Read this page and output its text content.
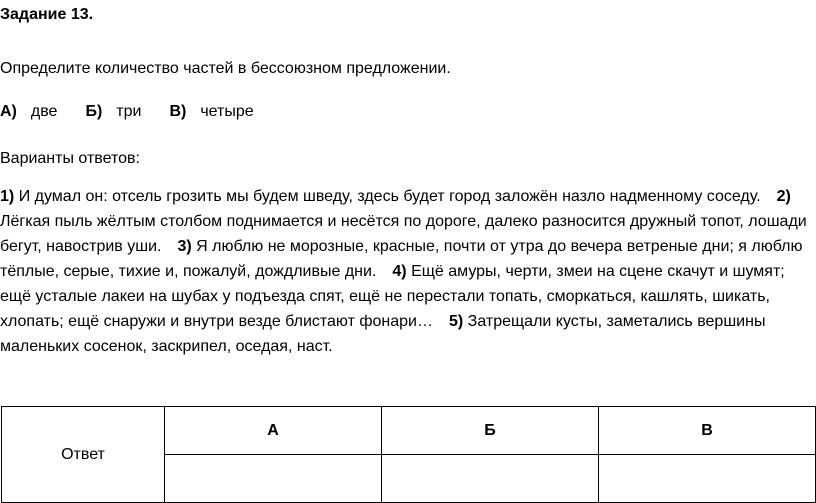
Задание 13.
Определите количество частей в бессоюзном предложении.
А) две Б) три В) четыре
Варианты ответов:
1) И думал он: отсель грозить мы будем шведу, здесь будет город заложён назло надменному соседу. 2) Лёгкая пыль жёлтым столбом поднимается и несётся по дороге, далеко разносится дружный топот, лошади бегут, навострив уши. 3) Я люблю не морозные, красные, почти от утра до вечера ветреные дни; я люблю тёплые, серые, тихие и, пожалуй, дождливые дни. 4) Ещё амуры, черти, змеи на сцене скачут и шумят; ещё усталые лакеи на шубах у подъезда спят, ещё не перестали топать, сморкаться, кашлять, шикать, хлопать; ещё снаружи и внутри везде блистают фонари… 5) Затрещали кусты, заметались вершины маленьких сосенок, заскрипел, оседая, наст.
Ответ	А	Б	В
